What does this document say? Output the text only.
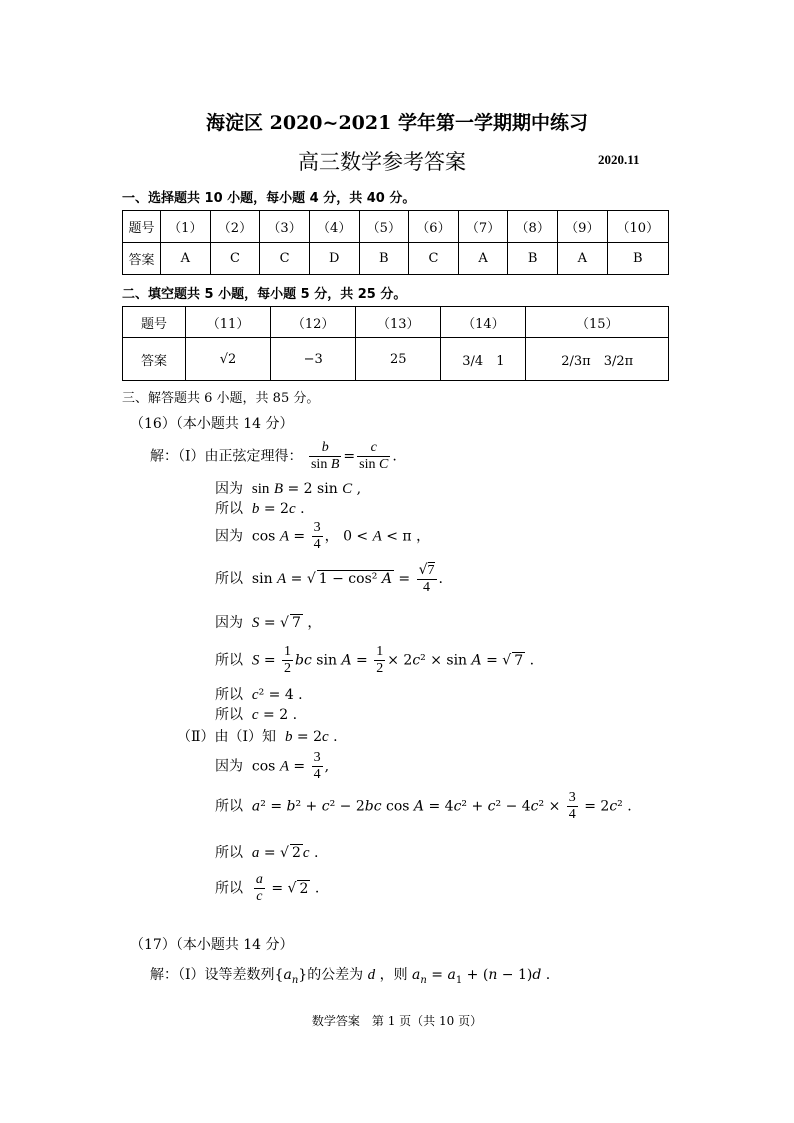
海淀区 2020~2021 学年第一学期期中练习
高三数学参考答案	2020.11
一、选择题共 10 小题，每小题 4 分，共 40 分。
题号	（1）	（2）	（3）	（4）	（5）	（6）	（7）	（8）	（9）	（10）
答案	A	C	C	D	B	C	A	B	A	B
二、填空题共 5 小题，每小题 5 分，共 25 分。
题号	（11）	（12）	（13）	（14）	（15）
答案	√2	−3	25	3/4　1	2/3π　3/2π
三、解答题共 6 小题，共 85 分。
（16）（本小题共 14 分）
解：（Ⅰ）由正弦定理得： $\frac{b}{\text{sin B}} = \frac{c}{\text{sin C}}$ .
因为 sin B = 2 sin C ,
所以 b = 2c .
因为  $\cos A = \frac{3}{4}$ ， 0 < A < π ，
所以  sin A = √ 1 − cos² $A = \frac{√7}{4}$ .
因为 S = √ 7 ，
所以 $S = \frac{1}{2}$ bc $\sin A = \frac{1}{2} \times 2c^2 \times \sin A$ = √ 7 .
所以 c² = 4 .
所以 c = 2 .
（Ⅱ）由（Ⅰ）知 b = 2c .
因为  $\cos A = \frac{3}{4}$ ,
所以 a² = b² + c² − 2bc $\cos A = 4c^2 + c^2 - 4c^2 \times \frac{3}{4} = 2c^2$ .
所以 a = √ 2 c .
所以 $\frac{a}{c}$ = √ 2 .
（17）（本小题共 14 分）
解：（Ⅰ）设等差数列$\{a_n\}$的公差为 d ，则 $a_n = a_1 + (n - 1)d$ .
数学答案　第 1 页（共 10 页）
